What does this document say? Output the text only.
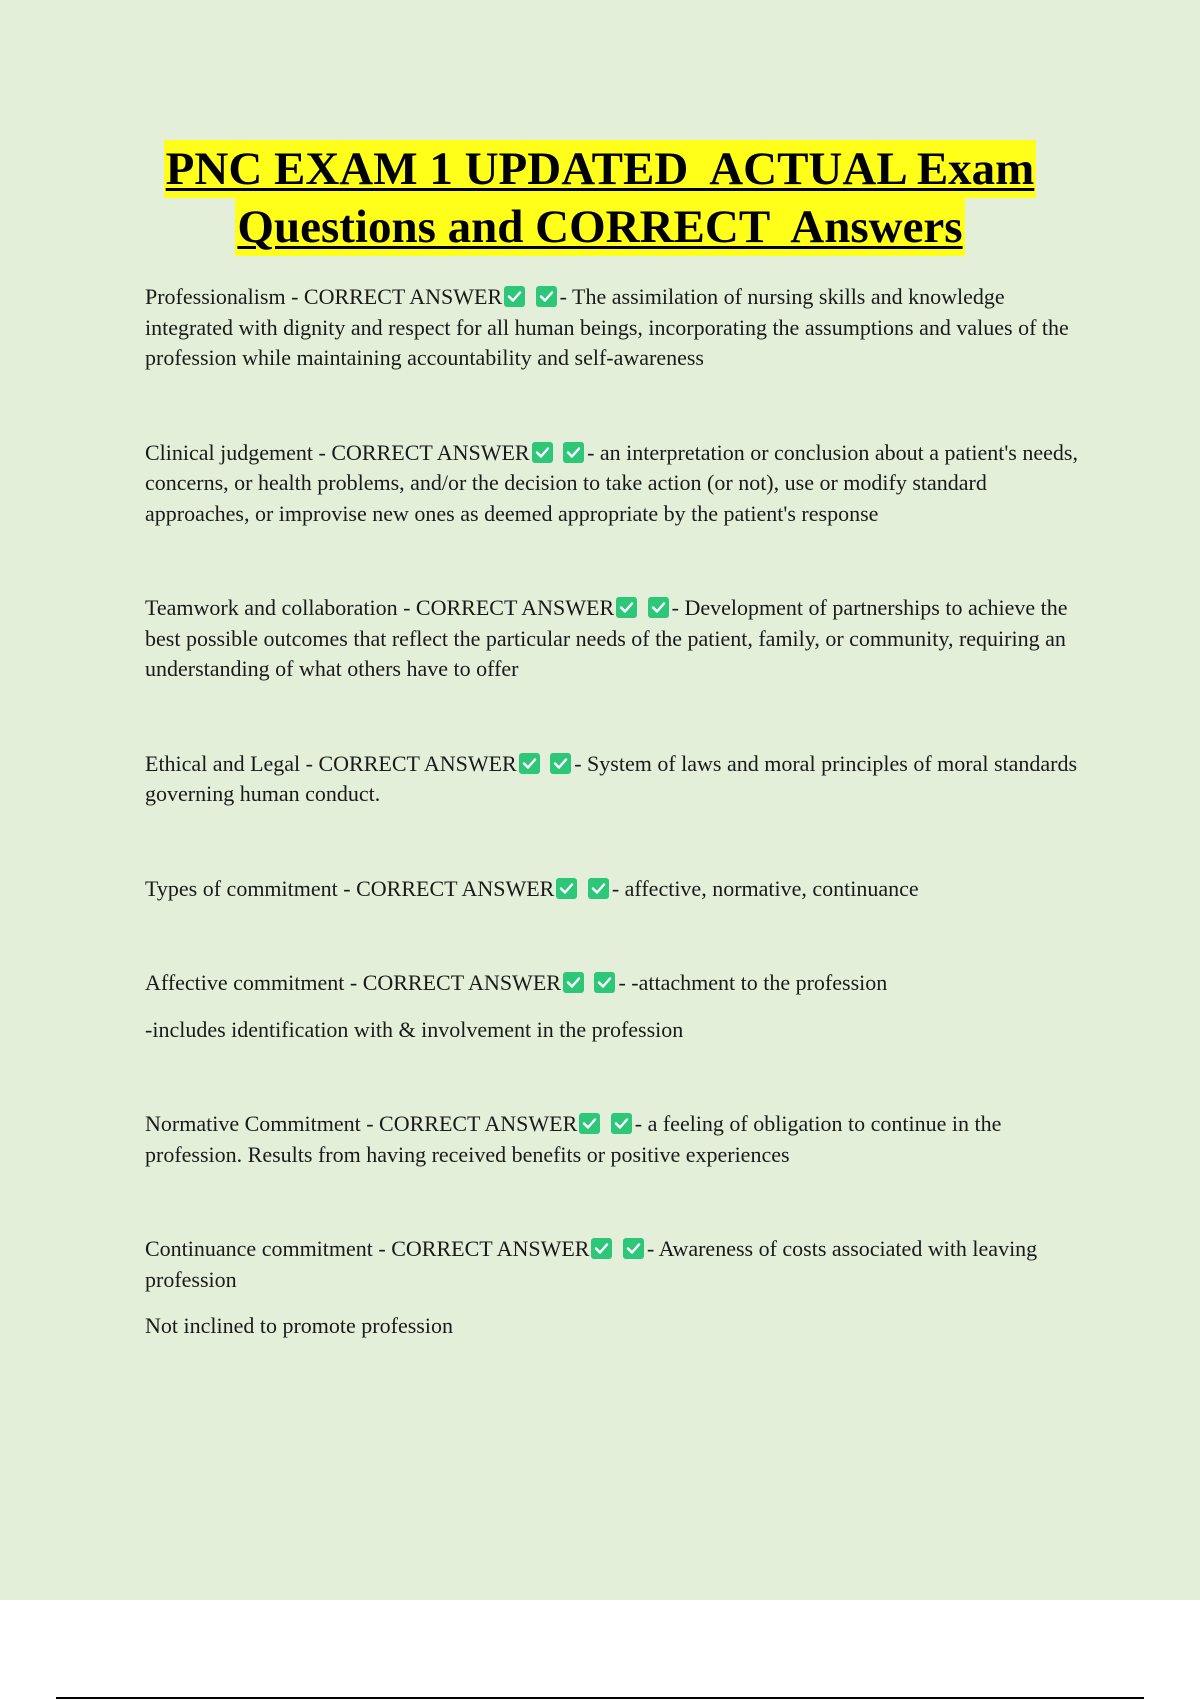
PNC EXAM 1 UPDATED  ACTUAL Exam
Questions and CORRECT  Answers

Professionalism - CORRECT ANSWER
	- The assimilation of nursing skills and knowledge integrated with dignity and respect for all human beings, incorporating the assumptions and values of the profession while maintaining accountability and self-awareness

Clinical judgement - CORRECT ANSWER
	- an interpretation or conclusion about a patient's needs, concerns, or health problems, and/or the decision to take action (or not), use or modify standard approaches, or improvise new ones as deemed appropriate by the patient's response

Teamwork and collaboration - CORRECT ANSWER
	- Development of partnerships to achieve the best possible outcomes that reflect the particular needs of the patient, family, or community, requiring an understanding of what others have to offer

Ethical and Legal - CORRECT ANSWER
	- System of laws and moral principles of moral standards governing human conduct.

Types of commitment - CORRECT ANSWER
	- affective, normative, continuance

Affective commitment - CORRECT ANSWER
	- -attachment to the profession

-includes identification with & involvement in the profession

Normative Commitment - CORRECT ANSWER
	- a feeling of obligation to continue in the profession. Results from having received benefits or positive experiences

Continuance commitment - CORRECT ANSWER
	- Awareness of costs associated with leaving profession

Not inclined to promote profession
